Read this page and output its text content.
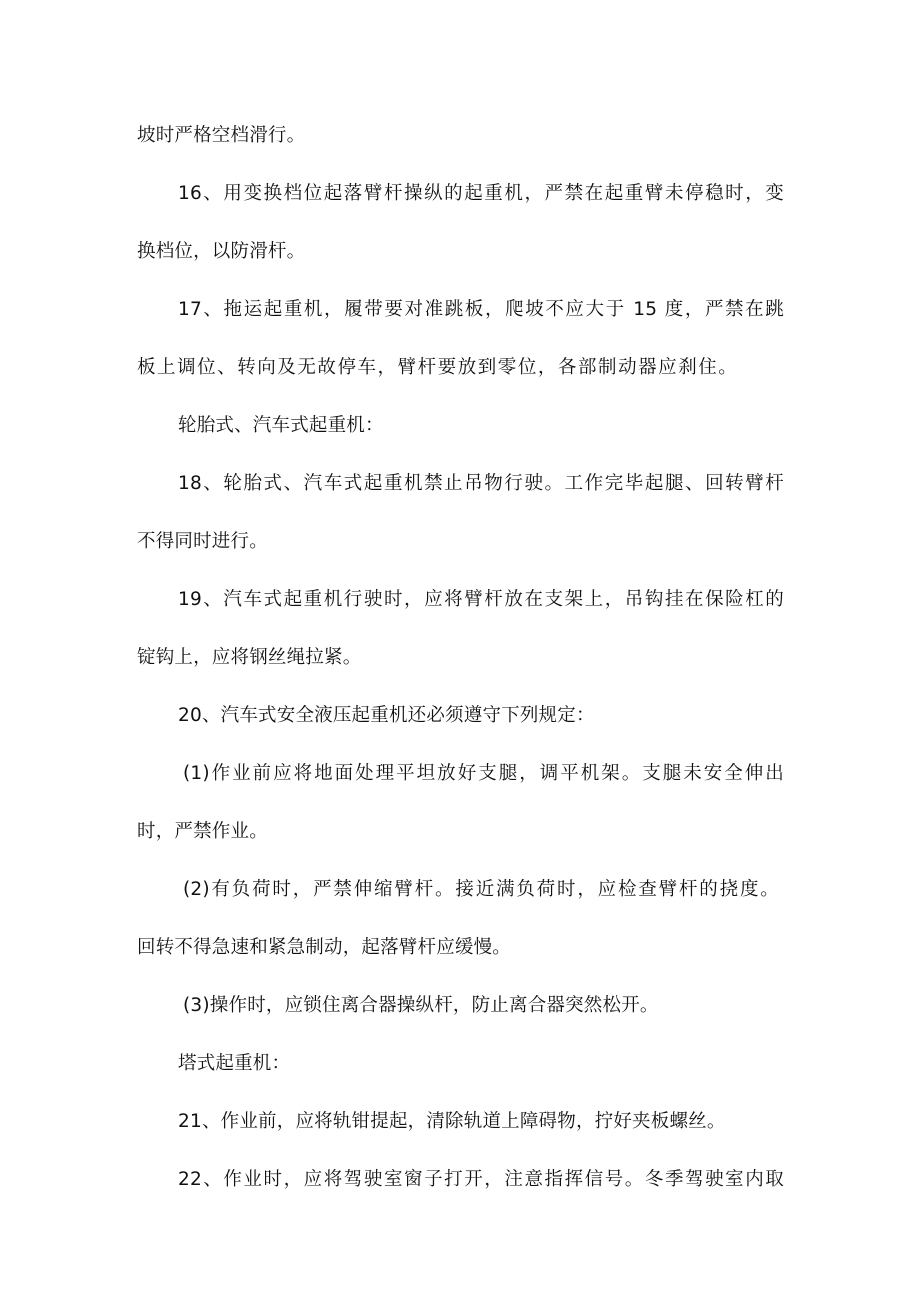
坡时严格空档滑行。
16、用变换档位起落臂杆操纵的起重机，严禁在起重臂未停稳时，变
换档位，以防滑杆。
17、拖运起重机，履带要对准跳板，爬坡不应大于 15 度，严禁在跳
板上调位、转向及无故停车，臂杆要放到零位，各部制动器应刹住。
轮胎式、汽车式起重机：
18、轮胎式、汽车式起重机禁止吊物行驶。工作完毕起腿、回转臂杆
不得同时进行。
19、汽车式起重机行驶时，应将臂杆放在支架上，吊钩挂在保险杠的
锭钩上，应将钢丝绳拉紧。
20、汽车式安全液压起重机还必须遵守下列规定：
(1)作业前应将地面处理平坦放好支腿，调平机架。支腿未安全伸出
时，严禁作业。
(2)有负荷时，严禁伸缩臂杆。接近满负荷时，应检查臂杆的挠度。
回转不得急速和紧急制动，起落臂杆应缓慢。
(3)操作时，应锁住离合器操纵杆，防止离合器突然松开。
塔式起重机：
21、作业前，应将轨钳提起，清除轨道上障碍物，拧好夹板螺丝。
22、作业时，应将驾驶室窗子打开，注意指挥信号。冬季驾驶室内取
